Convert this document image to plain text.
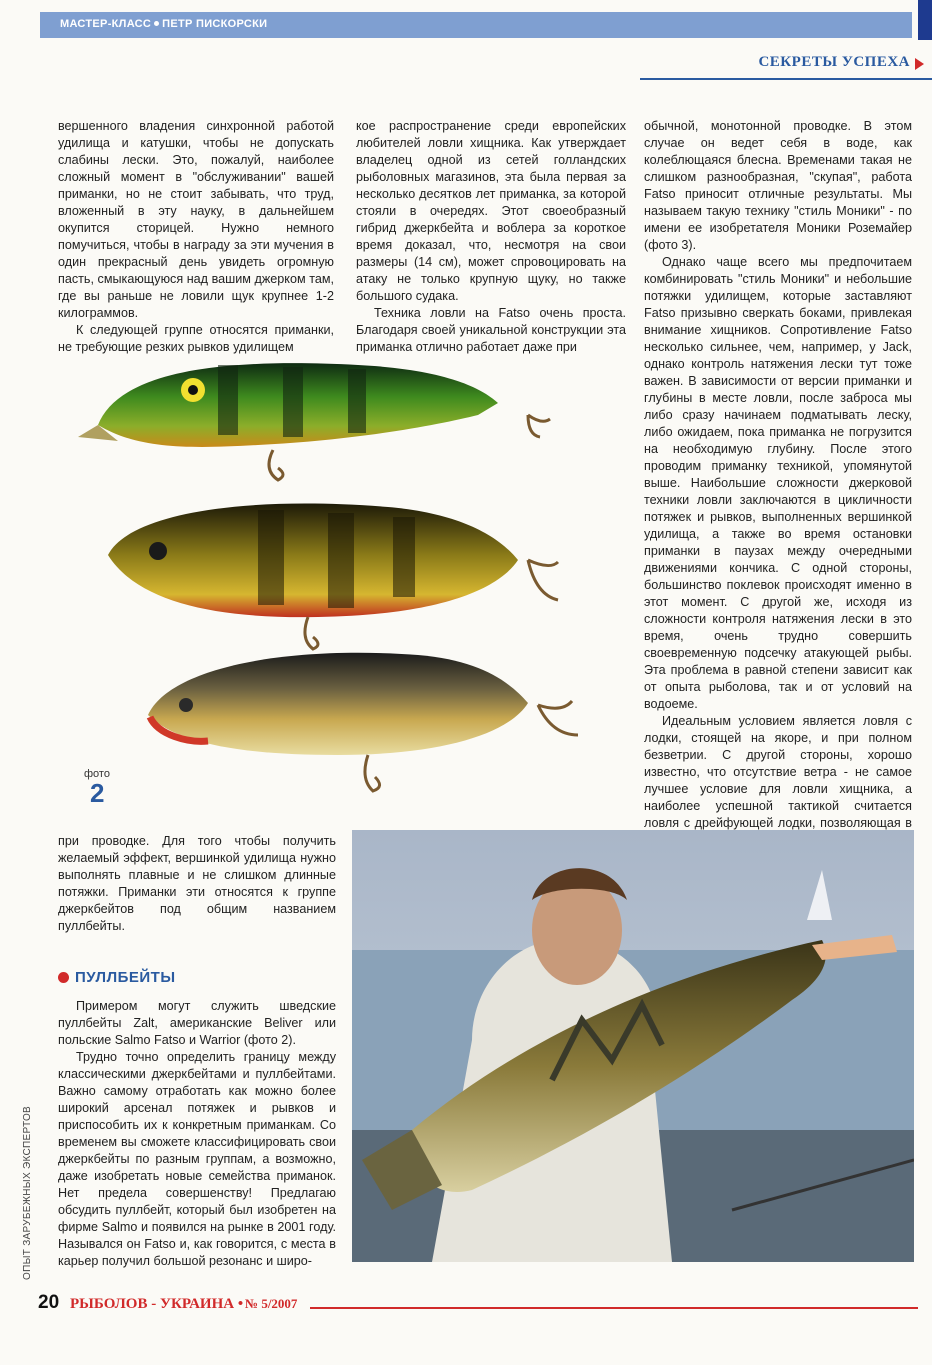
МАСТЕР-КЛАСС ПЕТР ПИСКОРСКИ
СЕКРЕТЫ УСПЕХА

вершенного владения синхронной работой удилища и катушки, чтобы не допускать слабины лески. Это, пожалуй, наиболее сложный момент в "обслуживании" вашей приманки, но не стоит забывать, что труд, вложенный в эту науку, в дальнейшем окупится сторицей. Нужно немного помучиться, чтобы в награду за эти мучения в один прекрасный день увидеть огромную пасть, смыкающуюся над вашим джерком там, где вы раньше не ловили щук крупнее 1-2 килограммов.

К следующей группе относятся приманки, не требующие резких рывков удилищем

кое распространение среди европейских любителей ловли хищника. Как утверждает владелец одной из сетей голландских рыболовных магазинов, эта была первая за несколько десятков лет приманка, за которой стояли в очередях. Этот своеобразный гибрид джеркбейта и воблера за короткое время доказал, что, несмотря на свои размеры (14 см), может спровоцировать на атаку не только крупную щуку, но также большого судака.

Техника ловли на Fatso очень проста. Благодаря своей уникальной конструкции эта приманка отлично работает даже при

обычной, монотонной проводке. В этом случае он ведет себя в воде, как колеблющаяся блесна. Временами такая не слишком разнообразная, "скупая", работа Fatso приносит отличные результаты. Мы называем такую технику "стиль Моники" - по имени ее изобретателя Моники Роземайер (фото 3).

Однако чаще всего мы предпочитаем комбинировать "стиль Моники" и небольшие потяжки удилищем, которые заставляют Fatso призывно сверкать боками, привлекая внимание хищников. Сопротивление Fatso несколько сильнее, чем, например, у Jack, однако контроль натяжения лески тут тоже важен. В зависимости от версии приманки и глубины в месте ловли, после заброса мы либо сразу начинаем подматывать леску, либо ожидаем, пока приманка не погрузится на необходимую глубину. После этого проводим приманку техникой, упомянутой выше. Наибольшие сложности джерковой техники ловли заключаются в цикличности потяжек и рывков, выполненных вершинкой удилища, а также во время остановки приманки в паузах между очередными движениями кончика. С одной стороны, большинство поклевок происходят именно в этот момент. С другой же, исходя из сложности контроля натяжения лески в это время, очень трудно совершить своевременную подсечку атакующей рыбы. Эта проблема в равной степени зависит как от опыта рыболова, так и от условий на водоеме.

Идеальным условием является ловля с лодки, стоящей на якоре, и при полном безветрии. С другой стороны, хорошо известно, что отсутствие ветра - не самое лучшее условие для ловли хищника, а наиболее успешной тактикой считается ловля с дрейфующей лодки, позволяющая в

фото
2

при проводке. Для того чтобы получить желаемый эффект, вершинкой удилища нужно выполнять плавные и не слишком длинные потяжки. Приманки эти относятся к группе джеркбейтов под общим названием пуллбейты.

ПУЛЛБЕЙТЫ

Примером могут служить шведские пуллбейты Zalt, американские Beliver или польские Salmo Fatso и Warrior (фото 2).

Трудно точно определить границу между классическими джеркбейтами и пуллбейтами. Важно самому отработать как можно более широкий арсенал потяжек и рывков и приспособить их к конкретным приманкам. Со временем вы сможете классифицировать свои джеркбейты по разным группам, а возможно, даже изобретать новые семейства приманок. Нет предела совершенству! Предлагаю обсудить пуллбейт, который был изобретен на фирме Salmo и появился на рынке в 2001 году. Назывался он Fatso и, как говорится, с места в карьер получил большой резонанс и широ-

ОПЫТ ЗАРУБЕЖНЫХ ЭКСПЕРТОВ
20 РЫБОЛОВ - УКРАИНА • № 5/2007
